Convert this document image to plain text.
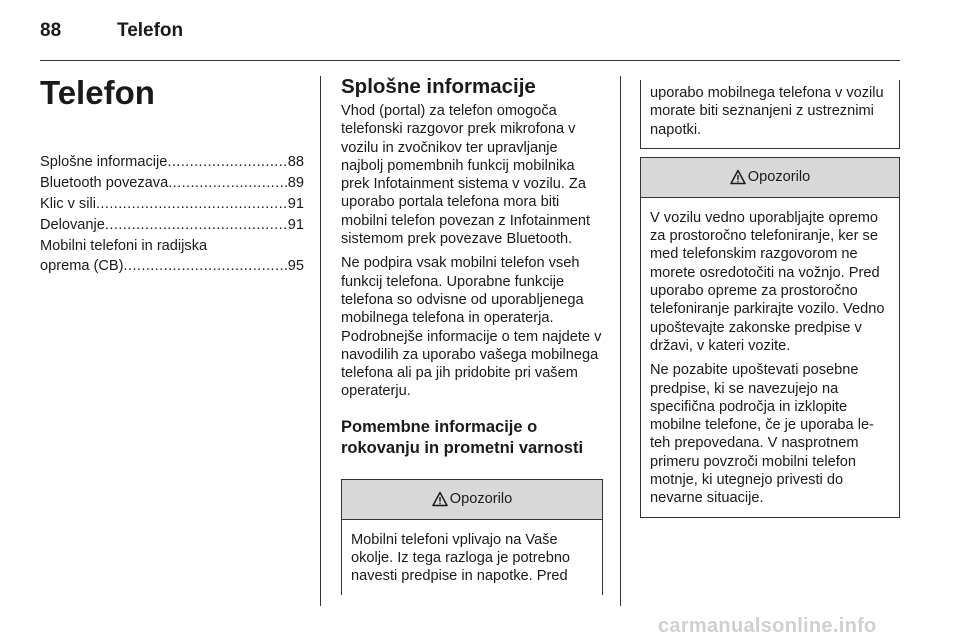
88	Telefon
Telefon
Splošne informacije .....	88
Bluetooth povezava .....	89
Klic v sili .....	91
Delovanje .....	91
Mobilni telefoni in radijska
oprema (CB) .....	95
Splošne informacije

Vhod (portal) za telefon omogoča telefonski razgovor prek mikrofona v vozilu in zvočnikov ter upravljanje najbolj pomembnih funkcij mobilnika prek Infotainment sistema v vozilu. Za uporabo portala telefona mora biti mobilni telefon povezan z Infotainment sistemom prek povezave Bluetooth.

Ne podpira vsak mobilni telefon vseh funkcij telefona. Uporabne funkcije telefona so odvisne od uporabljenega mobilnega telefona in operaterja. Podrobnejše informacije o tem najdete v navodilih za uporabo vašega mobilnega telefona ali pa jih pridobite pri vašem operaterju.

Pomembne informacije o rokovanju in prometni varnosti
Opozorilo

Mobilni telefoni vplivajo na Vaše okolje. Iz tega razloga je potrebno navesti predpise in napotke. Pred

uporabo mobilnega telefona v vozilu morate biti seznanjeni z ustreznimi napotki.

Opozorilo

V vozilu vedno uporabljajte opremo za prostoročno telefoniranje, ker se med telefonskim razgovorom ne morete osredotočiti na vožnjo. Pred uporabo opreme za prostoročno telefoniranje parkirajte vozilo. Vedno upoštevajte zakonske predpise v državi, v kateri vozite.

Ne pozabite upoštevati posebne predpise, ki se navezujejo na specifična področja in izklopite mobilne telefone, če je uporaba le-teh prepovedana. V nasprotnem primeru povzroči mobilni telefon motnje, ki utegnejo privesti do nevarne situacije.

carmanualsonline.info
